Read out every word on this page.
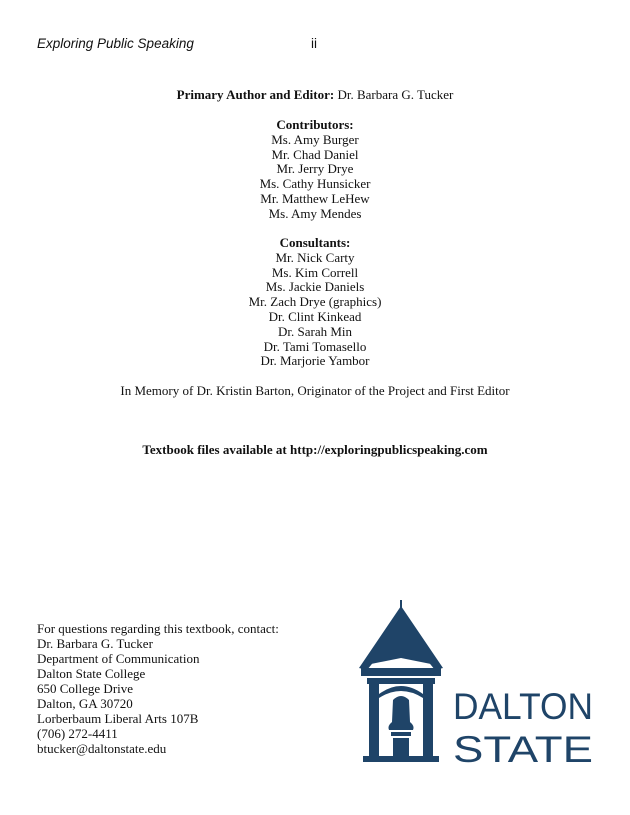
Exploring Public Speaking	ii
Primary Author and Editor: Dr. Barbara G. Tucker
Contributors:
Ms. Amy Burger
Mr. Chad Daniel
Mr. Jerry Drye
Ms. Cathy Hunsicker
Mr. Matthew LeHew
Ms. Amy Mendes
Consultants:
Mr. Nick Carty
Ms. Kim Correll
Ms. Jackie Daniels
Mr. Zach Drye (graphics)
Dr. Clint Kinkead
Dr. Sarah Min
Dr. Tami Tomasello
Dr. Marjorie Yambor
In Memory of Dr. Kristin Barton, Originator of the Project and First Editor
Textbook files available at http://exploringpublicspeaking.com
For questions regarding this textbook, contact:
Dr. Barbara G. Tucker
Department of Communication
Dalton State College
650 College Drive
Dalton, GA 30720
Lorberbaum Liberal Arts 107B
(706) 272-4411
btucker@daltonstate.edu
DALTON
STATE
